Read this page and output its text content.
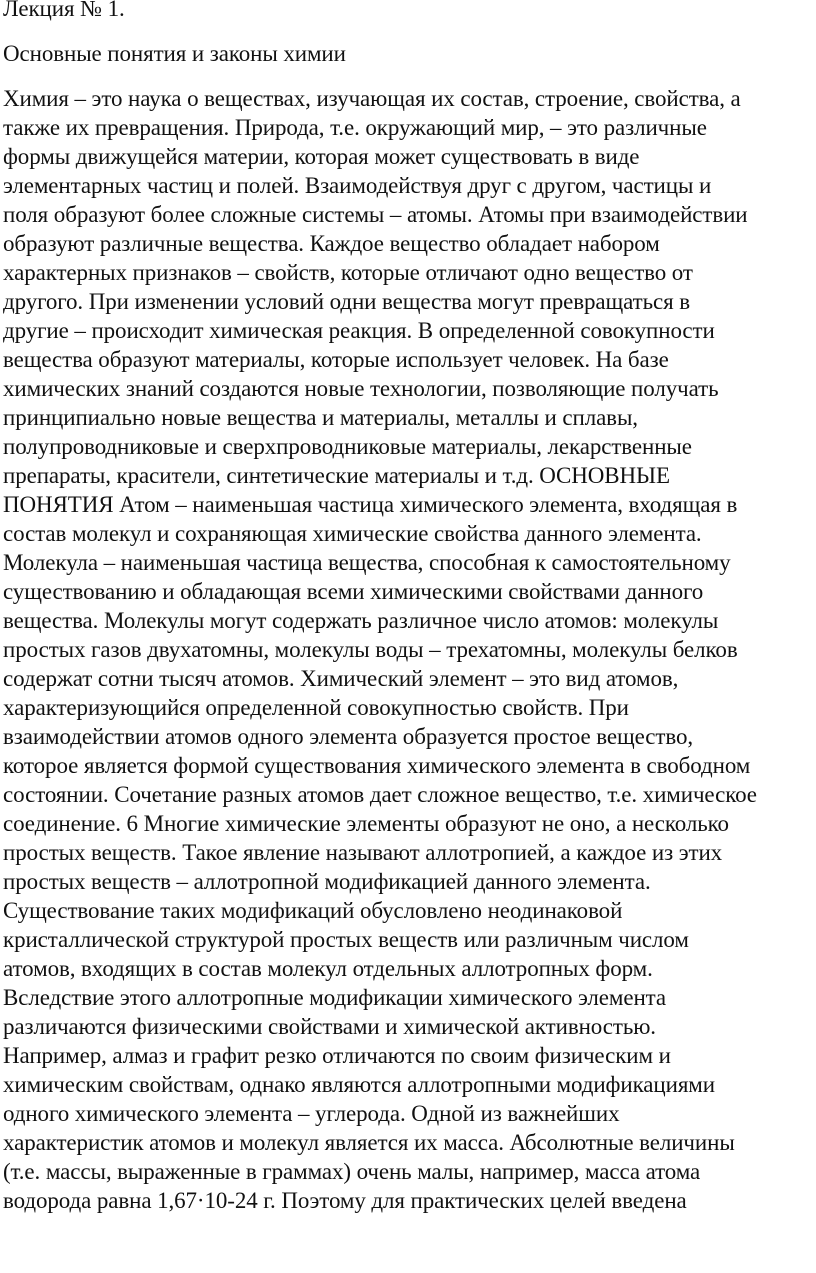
Лекция № 1.

Основные понятия и законы химии

Химия – это наука о веществах, изучающая их состав, строение, свойства, а

также их превращения. Природа, т.е. окружающий мир, – это различные

формы движущейся материи, которая может существовать в виде

элементарных частиц и полей. Взаимодействуя друг с другом, частицы и

поля образуют более сложные системы – атомы. Атомы при взаимодействии

образуют различные вещества. Каждое вещество обладает набором

характерных признаков – свойств, которые отличают одно вещество от

другого. При изменении условий одни вещества могут превращаться в

другие – происходит химическая реакция. В определенной совокупности

вещества образуют материалы, которые использует человек. На базе

химических знаний создаются новые технологии, позволяющие получать

принципиально новые вещества и материалы, металлы и сплавы,

полупроводниковые и сверхпроводниковые материалы, лекарственные

препараты, красители, синтетические материалы и т.д. ОСНОВНЫЕ

ПОНЯТИЯ Атом – наименьшая частица химического элемента, входящая в

состав молекул и сохраняющая химические свойства данного элемента.

Молекула – наименьшая частица вещества, способная к самостоятельному

существованию и обладающая всеми химическими свойствами данного

вещества. Молекулы могут содержать различное число атомов: молекулы

простых газов двухатомны, молекулы воды – трехатомны, молекулы белков

содержат сотни тысяч атомов. Химический элемент – это вид атомов,

характеризующийся определенной совокупностью свойств. При

взаимодействии атомов одного элемента образуется простое вещество,

которое является формой существования химического элемента в свободном

состоянии. Сочетание разных атомов дает сложное вещество, т.е. химическое

соединение. 6 Многие химические элементы образуют не оно, а несколько

простых веществ. Такое явление называют аллотропией, а каждое из этих

простых веществ – аллотропной модификацией данного элемента.

Существование таких модификаций обусловлено неодинаковой

кристаллической структурой простых веществ или различным числом

атомов, входящих в состав молекул отдельных аллотропных форм.

Вследствие этого аллотропные модификации химического элемента

различаются физическими свойствами и химической активностью.

Например, алмаз и графит резко отличаются по своим физическим и

химическим свойствам, однако являются аллотропными модификациями

одного химического элемента – углерода. Одной из важнейших

характеристик атомов и молекул является их масса. Абсолютные величины

(т.е. массы, выраженные в граммах) очень малы, например, масса атома

водорода равна 1,67·10-24 г. Поэтому для практических целей введена
